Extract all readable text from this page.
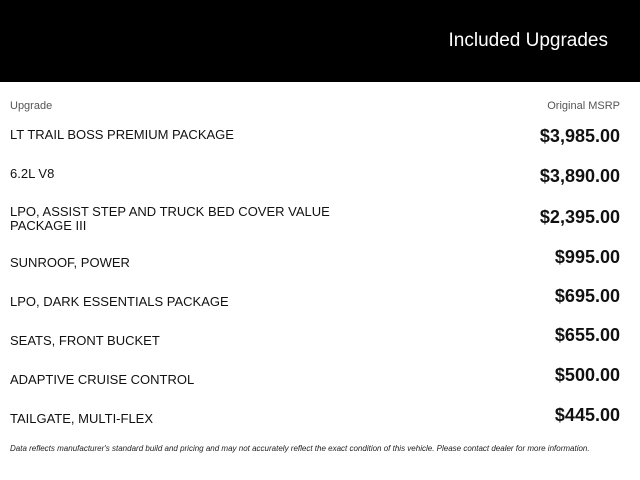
Included Upgrades
Upgrade	Original MSRP
LT TRAIL BOSS PREMIUM PACKAGE	$3,985.00
6.2L V8	$3,890.00
LPO, ASSIST STEP AND TRUCK BED COVER VALUE PACKAGE III	$2,395.00
SUNROOF, POWER	$995.00
LPO, DARK ESSENTIALS PACKAGE	$695.00
SEATS, FRONT BUCKET	$655.00
ADAPTIVE CRUISE CONTROL	$500.00
TAILGATE, MULTI-FLEX	$445.00
Data reflects manufacturer's standard build and pricing and may not accurately reflect the exact condition of this vehicle. Please contact dealer for more information.
